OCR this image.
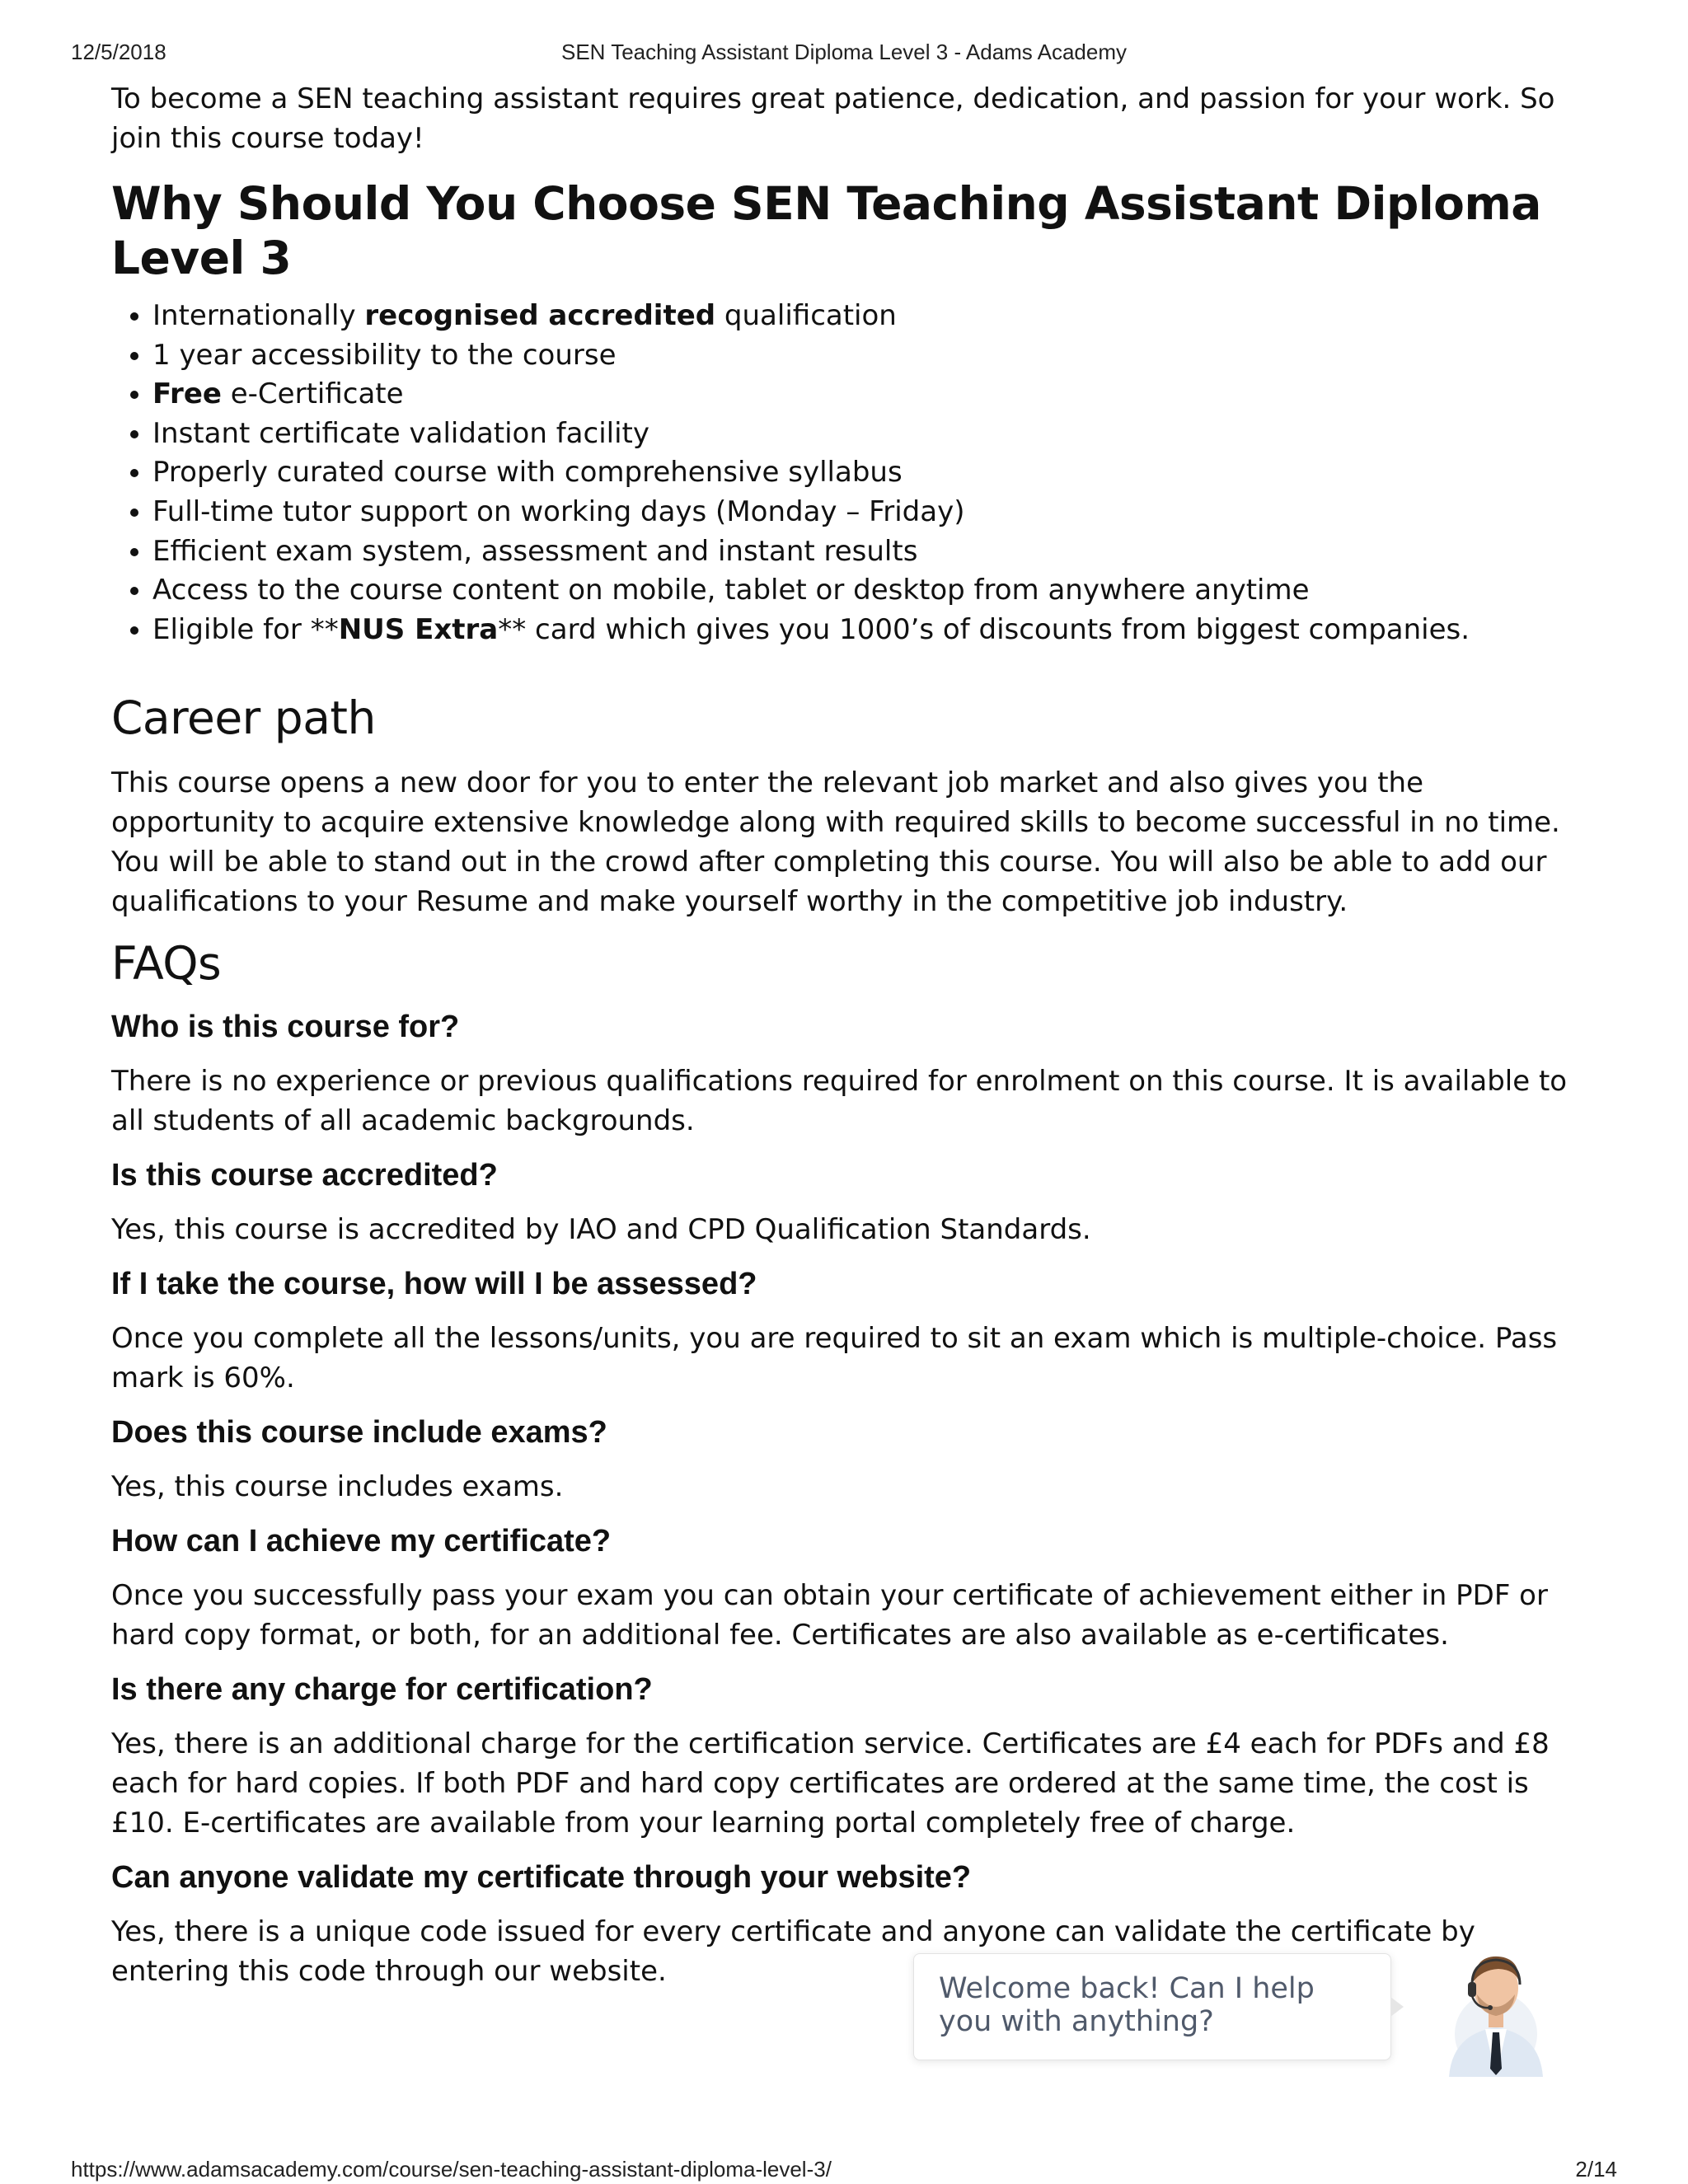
12/5/2018	SEN Teaching Assistant Diploma Level 3 - Adams Academy

To become a SEN teaching assistant requires great patience, dedication, and passion for your work. So join this course today!

Why Should You Choose SEN Teaching Assistant Diploma Level 3
• Internationally recognised accredited qualification
• 1 year accessibility to the course
• Free e-Certificate
• Instant certificate validation facility
• Properly curated course with comprehensive syllabus
• Full-time tutor support on working days (Monday – Friday)
• Efficient exam system, assessment and instant results
• Access to the course content on mobile, tablet or desktop from anywhere anytime
• Eligible for **NUS Extra** card which gives you 1000’s of discounts from biggest companies.
Career path

This course opens a new door for you to enter the relevant job market and also gives you the opportunity to acquire extensive knowledge along with required skills to become successful in no time. You will be able to stand out in the crowd after completing this course. You will also be able to add our qualifications to your Resume and make yourself worthy in the competitive job industry.

FAQs
Who is this course for?

There is no experience or previous qualifications required for enrolment on this course. It is available to all students of all academic backgrounds.

Is this course accredited?

Yes, this course is accredited by IAO and CPD Qualification Standards.

If I take the course, how will I be assessed?

Once you complete all the lessons/units, you are required to sit an exam which is multiple-choice. Pass mark is 60%.

Does this course include exams?

Yes, this course includes exams.

How can I achieve my certificate?

Once you successfully pass your exam you can obtain your certificate of achievement either in PDF or hard copy format, or both, for an additional fee. Certificates are also available as e-certificates.

Is there any charge for certification?

Yes, there is an additional charge for the certification service. Certificates are £4 each for PDFs and £8 each for hard copies. If both PDF and hard copy certificates are ordered at the same time, the cost is £10. E-certificates are available from your learning portal completely free of charge.

Can anyone validate my certificate through your website?

Yes, there is a unique code issued for every certificate and anyone can validate the certificate by entering this code through our website.

Welcome back! Can I help you with anything?
https://www.adamsacademy.com/course/sen-teaching-assistant-diploma-level-3/	2/14
